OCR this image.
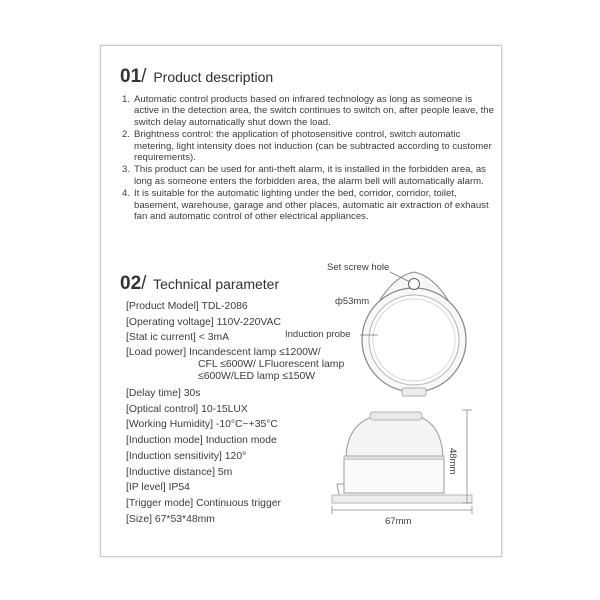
01/ Product description
1. Automatic control products based on infrared technology as long as someone is active in the detection area, the switch continues to switch on, after people leave, the switch delay automatically shut down the load.
2. Brightness control: the application of photosensitive control, switch automatic metering, light intensity does not induction (can be subtracted according to customer requirements).
3. This product can be used for anti-theft alarm, it is installed in the forbidden area, as long as someone enters the forbidden area, the alarm bell will automatically alarm.
4. It is suitable for the automatic lighting under the bed, corridor, corridor, toilet, basement, warehouse, garage and other places, automatic air extraction of exhaust fan and automatic control of other electrical appliances.
02/ Technical parameter
[Product Model] TDL-2086
[Operating voltage] 110V-220VAC
[Stat ic current] < 3mA
[Load power] Incandescent lamp ≤1200W/
CFL ≤600W/ LFluorescent lamp
≤600W/LED lamp ≤150W
[Delay time] 30s
[Optical control] 10-15LUX
[Working Humidity] -10°C~+35°C
[Induction mode] Induction mode
[Induction sensitivity] 120°
[Inductive distance] 5m
[IP level] IP54
[Trigger mode] Continuous trigger
[Size] 67*53*48mm
Set screw hole
ф53mm
Induction probe
48mm
67mm
